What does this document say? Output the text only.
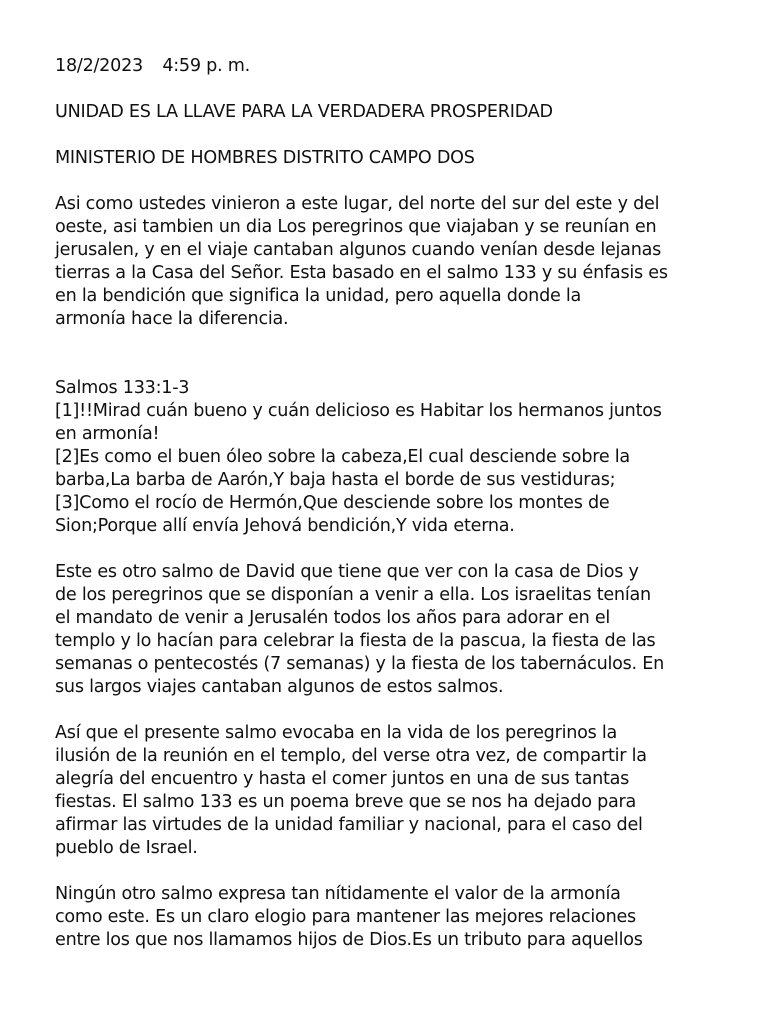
18/2/2023 4:59 p. m.
UNIDAD ES LA LLAVE PARA LA VERDADERA PROSPERIDAD
MINISTERIO DE HOMBRES DISTRITO CAMPO DOS
Asi como ustedes vinieron a este lugar, del norte del sur del este y del
oeste, asi tambien un dia Los peregrinos que viajaban y se reunían en
jerusalen, y en el viaje cantaban algunos cuando venían desde lejanas
tierras a la Casa del Señor. Esta basado en el salmo 133 y su énfasis es
en la bendición que significa la unidad, pero aquella donde la
armonía hace la diferencia.
Salmos 133:1-3
[1]!!Mirad cuán bueno y cuán delicioso es Habitar los hermanos juntos
en armonía!
[2]Es como el buen óleo sobre la cabeza,El cual desciende sobre la
barba,La barba de Aarón,Y baja hasta el borde de sus vestiduras;
[3]Como el rocío de Hermón,Que desciende sobre los montes de
Sion;Porque allí envía Jehová bendición,Y vida eterna.
Este es otro salmo de David que tiene que ver con la casa de Dios y
de los peregrinos que se disponían a venir a ella. Los israelitas tenían
el mandato de venir a Jerusalén todos los años para adorar en el
templo y lo hacían para celebrar la fiesta de la pascua, la fiesta de las
semanas o pentecostés (7 semanas) y la fiesta de los tabernáculos. En
sus largos viajes cantaban algunos de estos salmos.
Así que el presente salmo evocaba en la vida de los peregrinos la
ilusión de la reunión en el templo, del verse otra vez, de compartir la
alegría del encuentro y hasta el comer juntos en una de sus tantas
fiestas. El salmo 133 es un poema breve que se nos ha dejado para
afirmar las virtudes de la unidad familiar y nacional, para el caso del
pueblo de Israel.
Ningún otro salmo expresa tan nítidamente el valor de la armonía
como este. Es un claro elogio para mantener las mejores relaciones
entre los que nos llamamos hijos de Dios.Es un tributo para aquellos
